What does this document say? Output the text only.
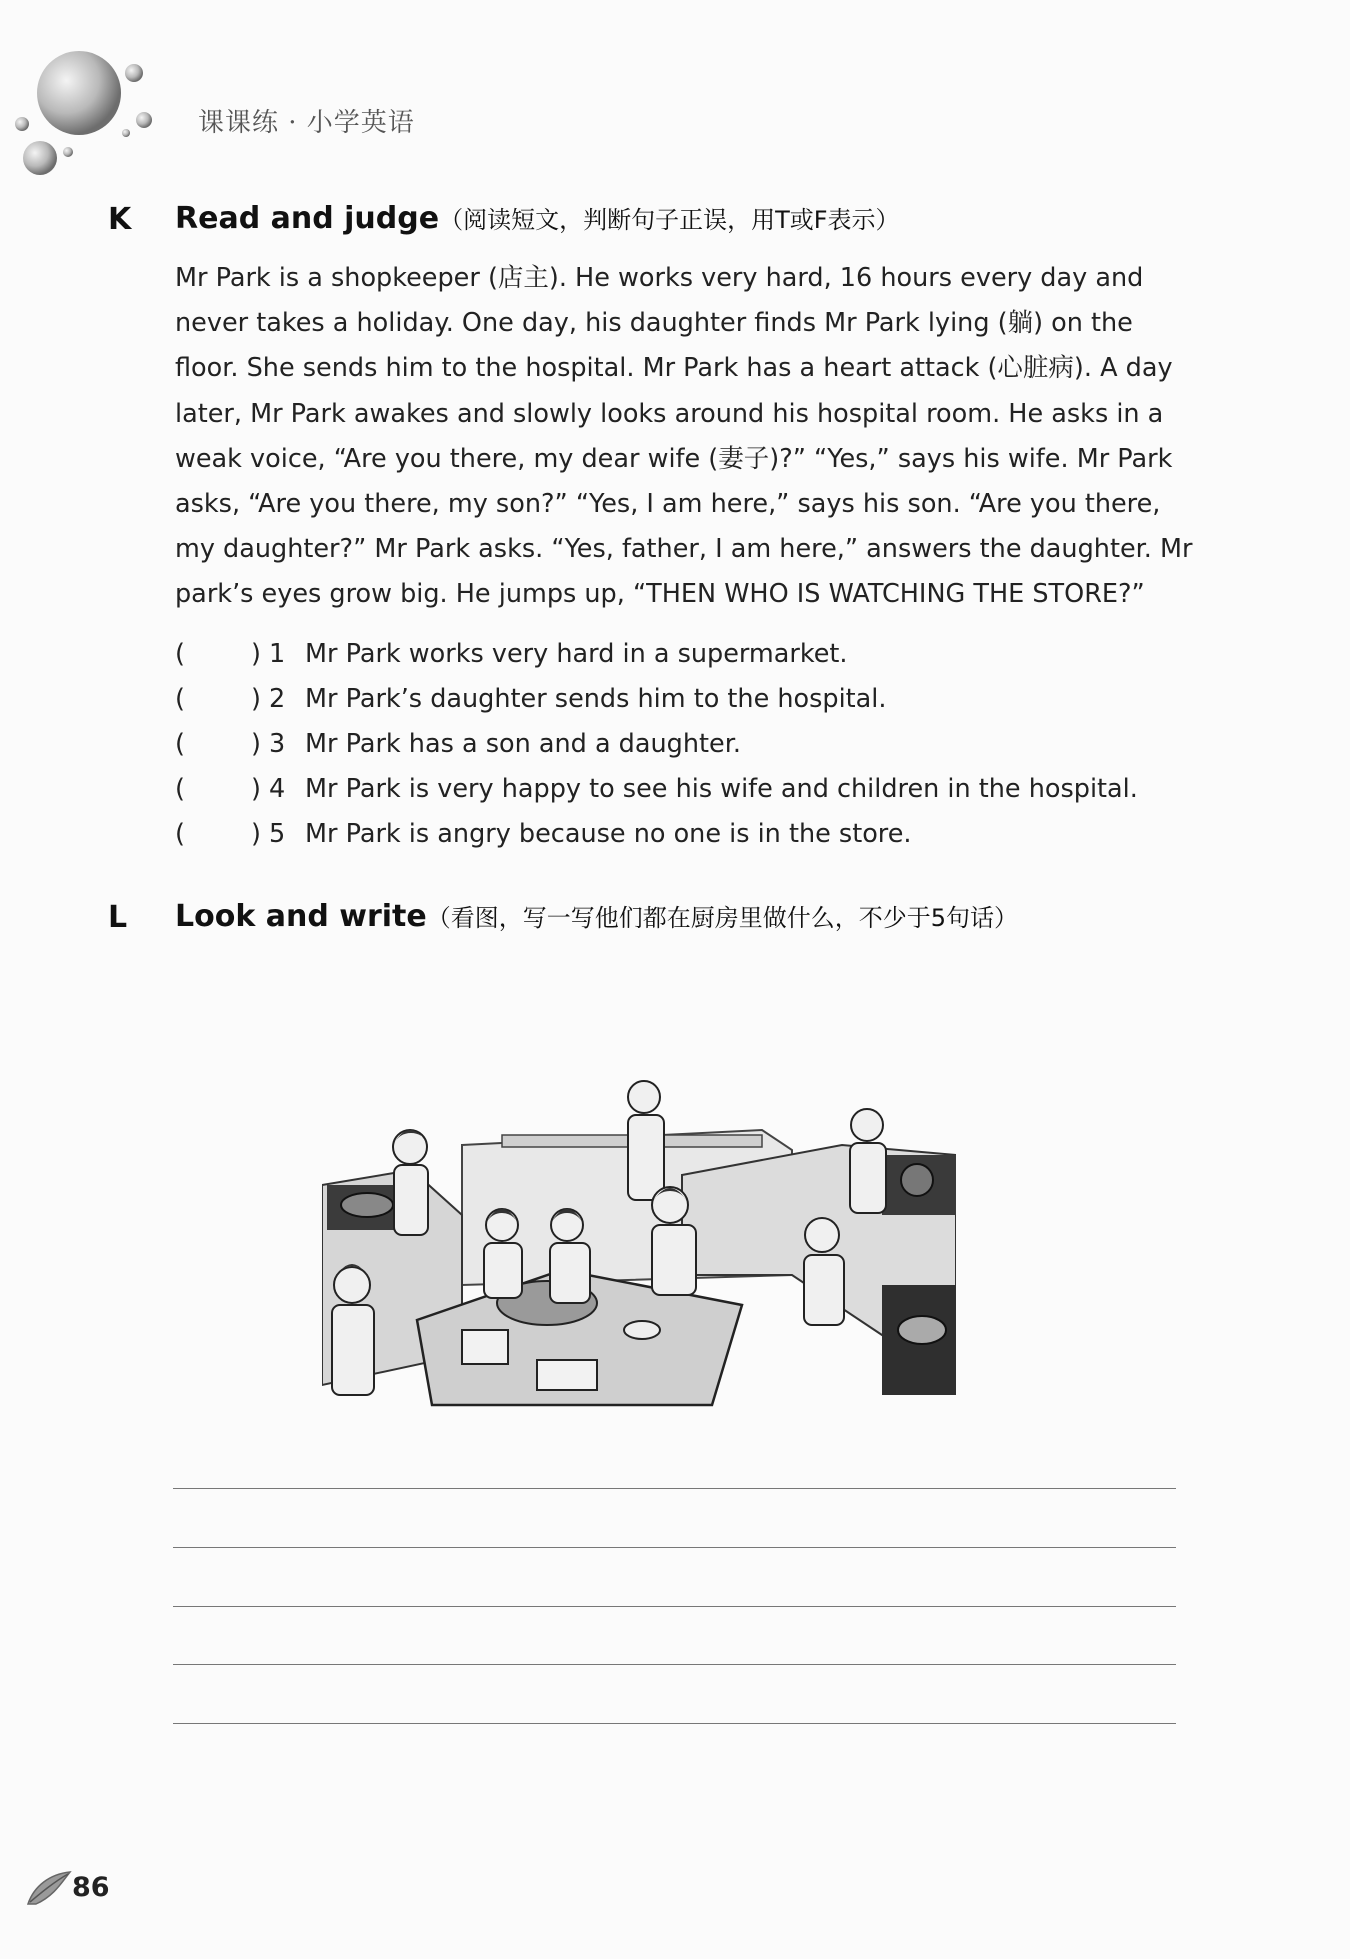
课课练 · 小学英语
K Read and judge（阅读短文，判断句子正误，用T或F表示）

Mr Park is a shopkeeper (店主). He works very hard, 16 hours every day and

never takes a holiday. One day, his daughter finds Mr Park lying (躺) on the

floor. She sends him to the hospital. Mr Park has a heart attack (心脏病). A day

later, Mr Park awakes and slowly looks around his hospital room. He asks in a

weak voice, “Are you there, my dear wife (妻子)?” “Yes,” says his wife. Mr Park

asks, “Are you there, my son?” “Yes, I am here,” says his son. “Are you there,

my daughter?” Mr Park asks. “Yes, father, I am here,” answers the daughter. Mr

park’s eyes grow big. He jumps up, “THEN WHO IS WATCHING THE STORE?”

(	) 1 Mr Park works very hard in a supermarket.
(	) 2 Mr Park’s daughter sends him to the hospital.
(	) 3 Mr Park has a son and a daughter.
(	) 4 Mr Park is very happy to see his wife and children in the hospital.
(	) 5 Mr Park is angry because no one is in the store.
L Look and write（看图，写一写他们都在厨房里做什么，不少于5句话）
86
